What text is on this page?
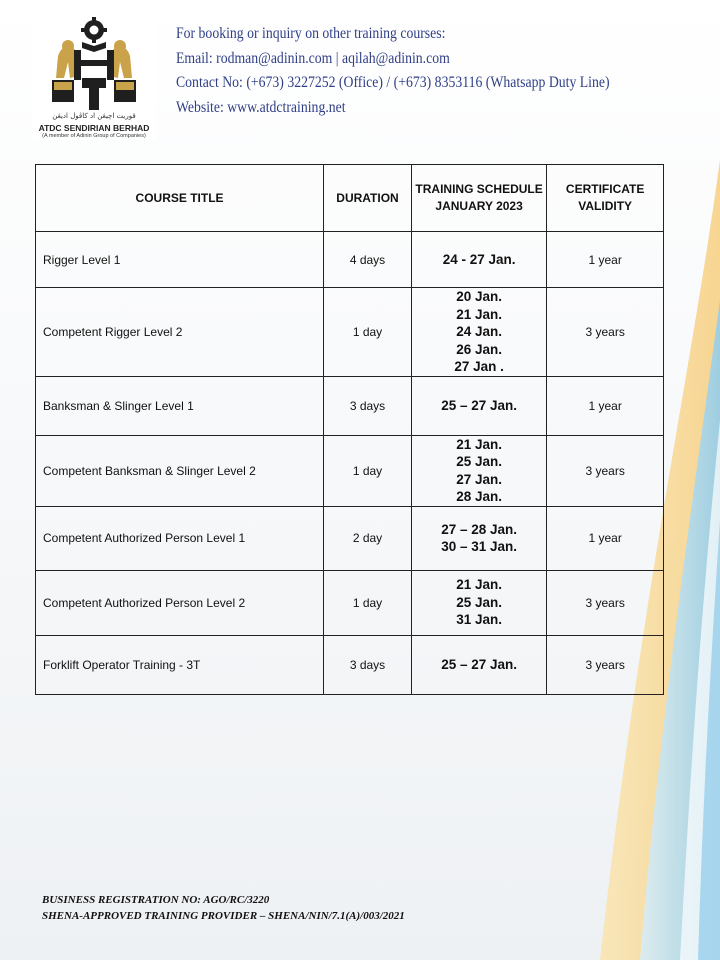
قوريت اچيڠن اد کاڤول اديڠن
ATDC SENDIRIAN BERHAD
(A member of Adinin Group of Companies)
For booking or inquiry on other training courses:
Email: rodman@adinin.com | aqilah@adinin.com
Contact No: (+673) 3227252 (Office) / (+673) 8353116 (Whatsapp Duty Line)
Website: www.atdctraining.net
COURSE TITLE	DURATION	TRAINING SCHEDULE
JANUARY 2023	CERTIFICATE
VALIDITY
Rigger Level 1	4 days	24 - 27 Jan.	1 year
Competent Rigger Level 2	1 day	20 Jan.
21 Jan.
24 Jan.
26 Jan.
27 Jan .	3 years
Banksman & Slinger Level 1	3 days	25 – 27 Jan.	1 year
Competent Banksman & Slinger Level 2	1 day	21 Jan.
25 Jan.
27 Jan.
28 Jan.	3 years
Competent Authorized Person Level 1	2 day	27 – 28 Jan.
30 – 31 Jan.	1 year
Competent Authorized Person Level 2	1 day	21 Jan.
25 Jan.
31 Jan.	3 years
Forklift Operator Training - 3T	3 days	25 – 27 Jan.	3 years
BUSINESS REGISTRATION NO: AGO/RC/3220
SHENA-APPROVED TRAINING PROVIDER – SHENA/NIN/7.1(A)/003/2021
